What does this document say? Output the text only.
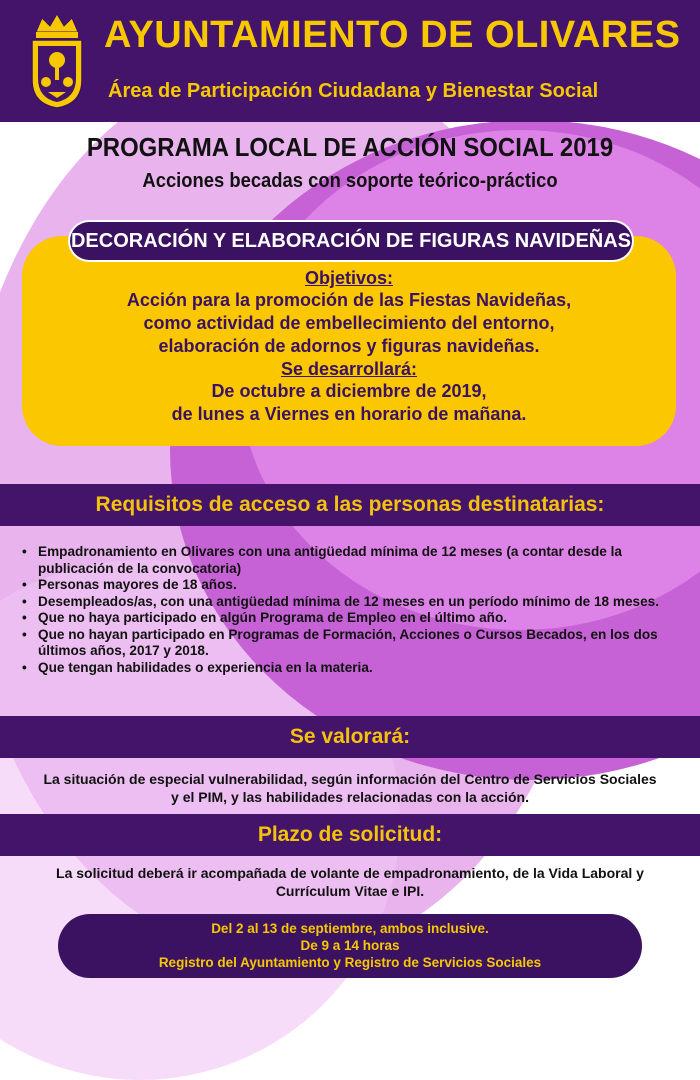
AYUNTAMIENTO DE OLIVARES
Área de Participación Ciudadana y Bienestar Social
PROGRAMA LOCAL DE ACCIÓN SOCIAL 2019
Acciones becadas con soporte teórico-práctico
DECORACIÓN Y ELABORACIÓN DE FIGURAS NAVIDEÑAS
Objetivos:
Acción para la promoción de las Fiestas Navideñas,
como actividad de embellecimiento del entorno,
elaboración de adornos y figuras navideñas.
Se desarrollará:
De octubre a diciembre de 2019,
de lunes a Viernes en horario de mañana.
Requisitos de acceso a las personas destinatarias:
• Empadronamiento en Olivares con una antigüedad mínima de 12 meses (a contar desde la publicación de la convocatoria)
• Personas mayores de 18 años.
• Desempleados/as, con una antigüedad mínima de 12 meses en un período mínimo de 18 meses.
• Que no haya participado en algún Programa de Empleo en el último año.
• Que no hayan participado en Programas de Formación, Acciones o Cursos Becados, en los dos últimos años, 2017 y 2018.
• Que tengan habilidades o experiencia en la materia.
Se valorará:
La situación de especial vulnerabilidad, según información del Centro de Servicios Sociales y el PIM, y las habilidades relacionadas con la acción.
Plazo de solicitud:
La solicitud deberá ir acompañada de volante de empadronamiento, de la Vida Laboral y Currículum Vitae e IPI.
Del 2 al 13 de septiembre, ambos inclusive.
De 9 a 14 horas
Registro del Ayuntamiento y Registro de Servicios Sociales
